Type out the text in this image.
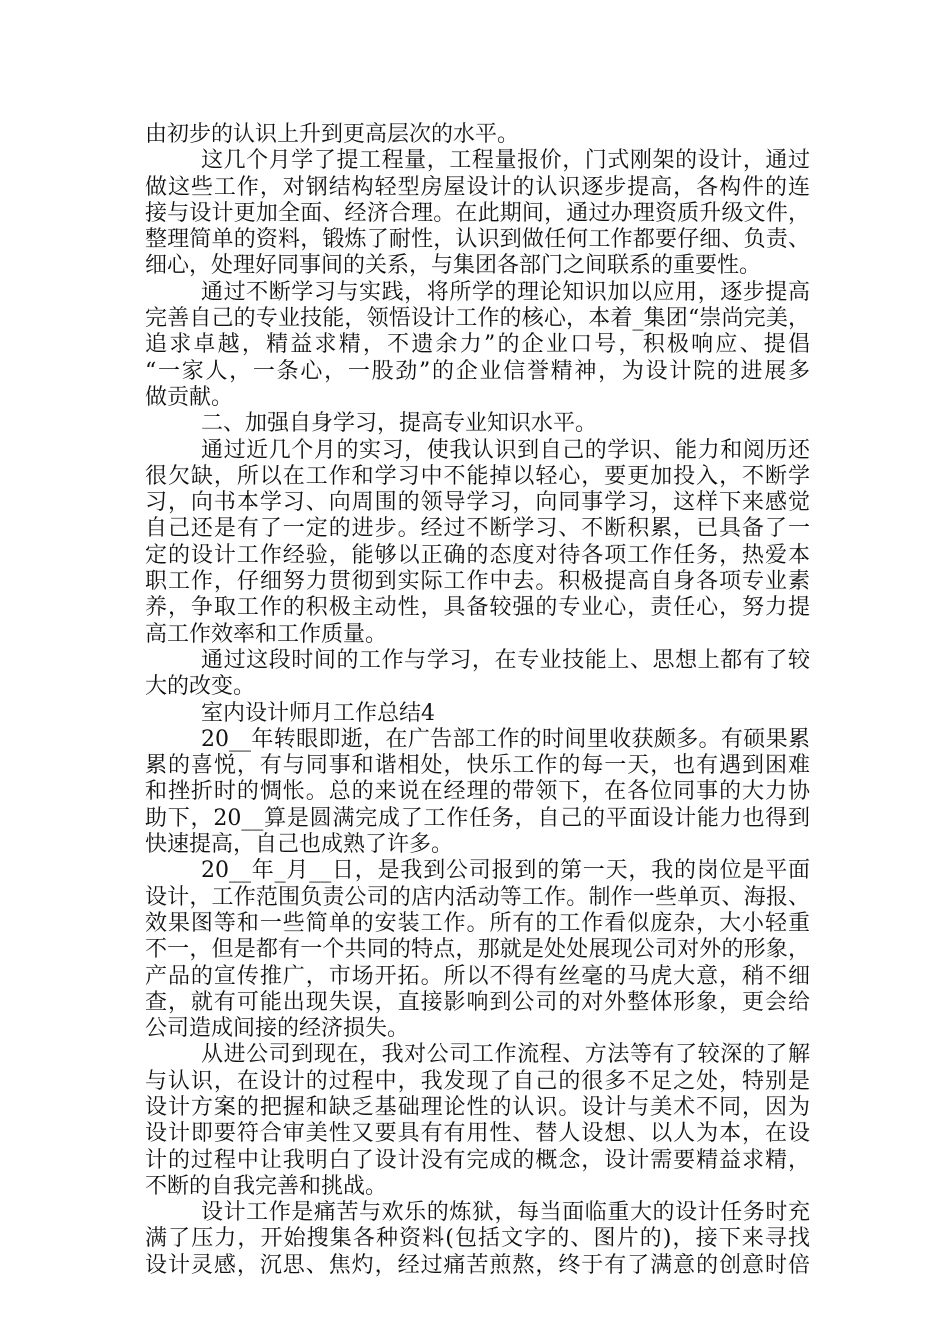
由初步的认识上升到更高层次的水平。
这几个月学了提工程量，工程量报价，门式刚架的设计，通过
做这些工作，对钢结构轻型房屋设计的认识逐步提高，各构件的连
接与设计更加全面、经济合理。在此期间，通过办理资质升级文件，
整理简单的资料，锻炼了耐性，认识到做任何工作都要仔细、负责、
细心，处理好同事间的关系，与集团各部门之间联系的重要性。
通过不断学习与实践，将所学的理论知识加以应用，逐步提高
完善自己的专业技能，领悟设计工作的核心，本着_集团“崇尚完美，
追求卓越，精益求精，不遗余力”的企业口号，积极响应、提倡
“一家人，一条心，一股劲”的企业信誉精神，为设计院的进展多
做贡献。
二、加强自身学习，提高专业知识水平。
通过近几个月的实习，使我认识到自己的学识、能力和阅历还
很欠缺，所以在工作和学习中不能掉以轻心，要更加投入，不断学
习，向书本学习、向周围的领导学习，向同事学习，这样下来感觉
自己还是有了一定的进步。经过不断学习、不断积累，已具备了一
定的设计工作经验，能够以正确的态度对待各项工作任务，热爱本
职工作，仔细努力贯彻到实际工作中去。积极提高自身各项专业素
养，争取工作的积极主动性，具备较强的专业心，责任心，努力提
高工作效率和工作质量。
通过这段时间的工作与学习，在专业技能上、思想上都有了较
大的改变。
室内设计师月工作总结4
20__年转眼即逝，在广告部工作的时间里收获颇多。有硕果累
累的喜悦，有与同事和谐相处，快乐工作的每一天，也有遇到困难
和挫折时的惆怅。总的来说在经理的带领下，在各位同事的大力协
助下，20__算是圆满完成了工作任务，自己的平面设计能力也得到
快速提高，自己也成熟了许多。
20__年_月__日，是我到公司报到的第一天，我的岗位是平面
设计，工作范围负责公司的店内活动等工作。制作一些单页、海报、
效果图等和一些简单的安装工作。所有的工作看似庞杂，大小轻重
不一，但是都有一个共同的特点，那就是处处展现公司对外的形象，
产品的宣传推广，市场开拓。所以不得有丝毫的马虎大意，稍不细
查，就有可能出现失误，直接影响到公司的对外整体形象，更会给
公司造成间接的经济损失。
从进公司到现在，我对公司工作流程、方法等有了较深的了解
与认识，在设计的过程中，我发现了自己的很多不足之处，特别是
设计方案的把握和缺乏基础理论性的认识。设计与美术不同，因为
设计即要符合审美性又要具有有用性、替人设想、以人为本，在设
计的过程中让我明白了设计没有完成的概念，设计需要精益求精，
不断的自我完善和挑战。
设计工作是痛苦与欢乐的炼狱，每当面临重大的设计任务时充
满了压力，开始搜集各种资料(包括文字的、图片的)，接下来寻找
设计灵感，沉思、焦灼，经过痛苦煎熬，终于有了满意的创意时倍
